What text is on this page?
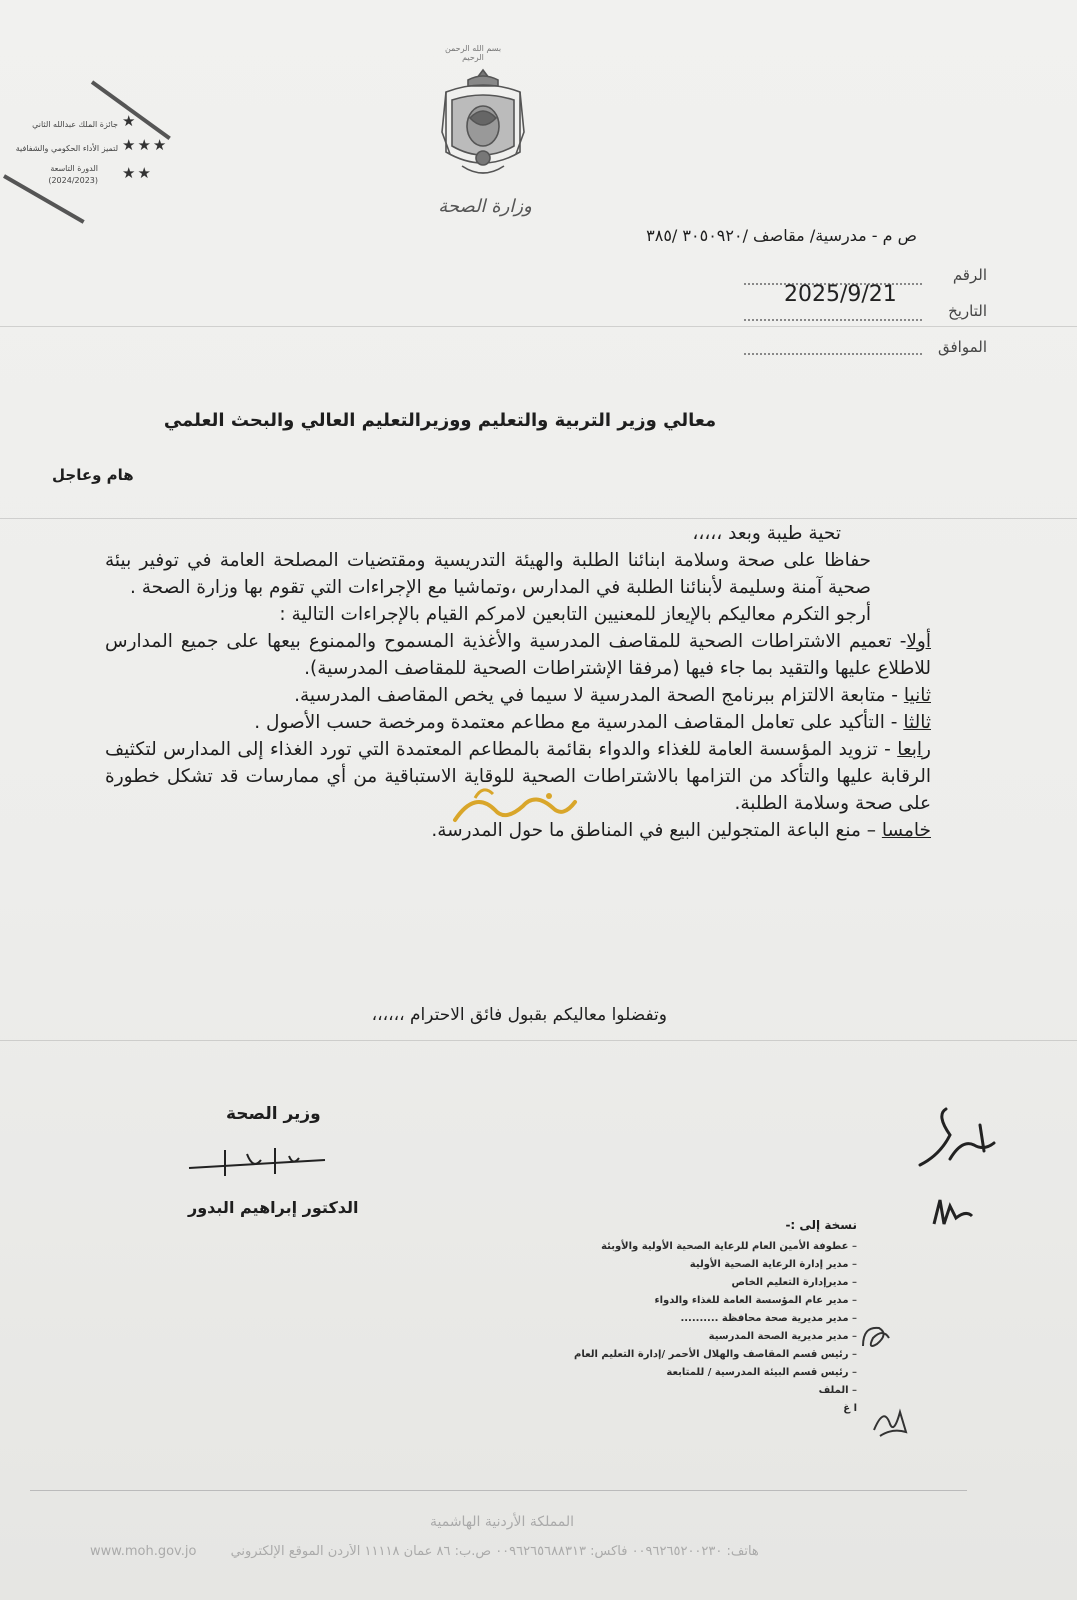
جائزة الملك عبدالله الثاني
لتميز الأداء الحكومي والشفافية
الدورة التاسعة
(2024/2023)
★
★★★
★★
بسم الله الرحمن الرحيم
وزارة الصحة
ص م - مدرسية/ مقاصف /٣٠٥٠٩٢٠ /٣٨٥
الرقم
2025/9/21
التاريخ
الموافق
معالي وزير التربية والتعليم ووزيرالتعليم العالي والبحث العلمي
هام وعاجل

تحية طيبة وبعد ،،،،،

حفاظا على صحة وسلامة ابنائنا الطلبة والهيئة التدريسية ومقتضيات المصلحة العامة في توفير بيئة صحية آمنة وسليمة لأبنائنا الطلبة في المدارس ،وتماشيا مع الإجراءات التي تقوم بها وزارة الصحة .

أرجو التكرم معاليكم بالإيعاز للمعنيين التابعين لامركم القيام بالإجراءات التالية :

أولا- تعميم الاشتراطات الصحية للمقاصف المدرسية والأغذية المسموح والممنوع بيعها على جميع المدارس للاطلاع عليها والتقيد بما جاء فيها (مرفقا الإشتراطات الصحية للمقاصف المدرسية).

ثانيا - متابعة الالتزام ببرنامج الصحة المدرسية لا سيما في يخص المقاصف المدرسية.

ثالثا - التأكيد على تعامل المقاصف المدرسية مع مطاعم معتمدة ومرخصة حسب الأصول .

رابعا - تزويد المؤسسة العامة للغذاء والدواء بقائمة بالمطاعم المعتمدة التي تورد الغذاء إلى المدارس لتكثيف الرقابة عليها والتأكد من التزامها بالاشتراطات الصحية للوقاية الاستباقية من أي ممارسات قد تشكل خطورة على صحة وسلامة الطلبة.

خامسا – منع الباعة المتجولين البيع في المناطق ما حول المدرسة.

وتفضلوا معاليكم بقبول فائق الاحترام ،،،،،،
وزير الصحة
الدكتور إبراهيم البدور
نسخة إلى :-
– عطوفة الأمين العام للرعاية الصحية الأولية والأوبئة
– مدير إدارة الرعاية الصحية الأولية
– مديرإدارة التعليم الخاص
– مدير عام المؤسسة العامة للغذاء والدواء
– مدير مديرية صحة محافظة ..........
– مدير مديرية الصحة المدرسية
– رئيس قسم المقاصف والهلال الأحمر /إدارة التعليم العام
– رئيس قسم البيئة المدرسية / للمتابعة
– الملف
ا غ
المملكة الأردنية الهاشمية
www.moh.gov.jo	هاتف: ٠٠٩٦٢٦٥٢٠٠٢٣٠ فاكس: ٠٠٩٦٢٦٥٦٨٨٣١٣ ص.ب: ٨٦ عمان ١١١١٨ الأردن الموقع الإلكتروني
